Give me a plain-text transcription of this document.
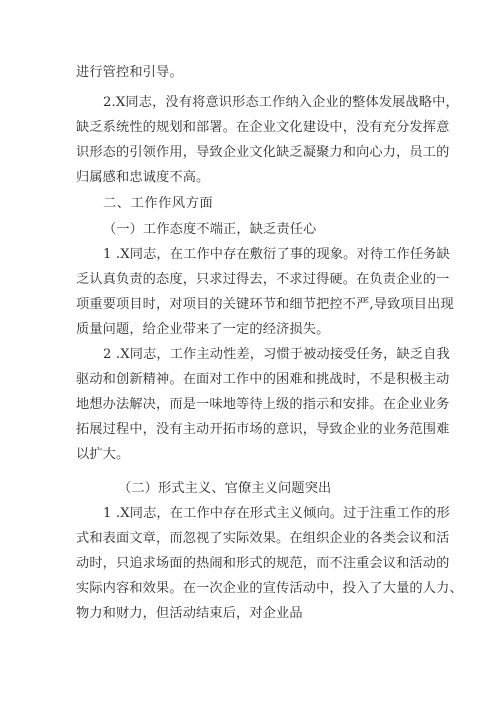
进行管控和引导。
2.X同志，没有将意识形态工作纳入企业的整体发展战略中，
缺乏系统性的规划和部署。在企业文化建设中，没有充分发挥意
识形态的引领作用，导致企业文化缺乏凝聚力和向心力，员工的
归属感和忠诚度不高。
二、工作作风方面
（一）工作态度不端正，缺乏责任心
1 .X同志，在工作中存在敷衍了事的现象。对待工作任务缺
乏认真负责的态度，只求过得去，不求过得硬。在负责企业的一
项重要项目时，对项目的关键环节和细节把控不严,导致项目出现
质量问题，给企业带来了一定的经济损失。
2 .X同志，工作主动性差，习惯于被动接受任务，缺乏自我
驱动和创新精神。在面对工作中的困难和挑战时，不是积极主动
地想办法解决，而是一味地等待上级的指示和安排。在企业业务
拓展过程中，没有主动开拓市场的意识，导致企业的业务范围难
以扩大。
（二）形式主义、官僚主义问题突出
1 .X同志，在工作中存在形式主义倾向。过于注重工作的形
式和表面文章，而忽视了实际效果。在组织企业的各类会议和活
动时，只追求场面的热闹和形式的规范，而不注重会议和活动的
实际内容和效果。在一次企业的宣传活动中，投入了大量的人力、
物力和财力，但活动结束后，对企业品
